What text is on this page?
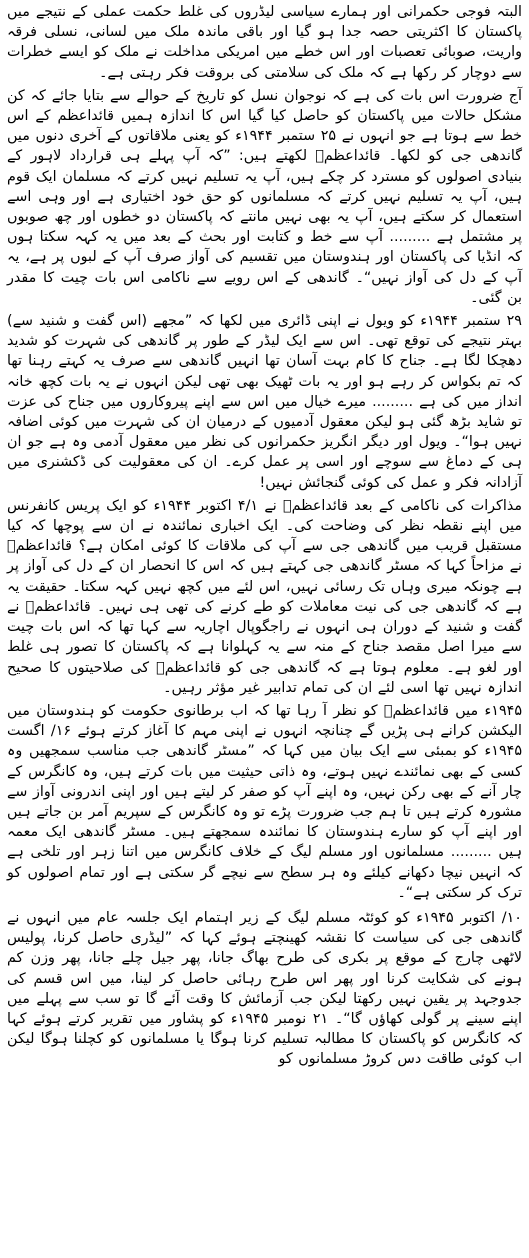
البتہ فوجی حکمرانی اور ہمارے سیاسی لیڈروں کی غلط حکمت عملی کے نتیجے میں پاکستان کا اکثریتی حصہ جدا ہو گیا اور باقی ماندہ ملک میں لسانی، نسلی فرقہ واریت، صوبائی تعصبات اور اس خطے میں امریکی مداخلت نے ملک کو ایسے خطرات سے دوچار کر رکھا ہے کہ ملک کی سلامتی کی بروقت فکر رہتی ہے۔

آج ضرورت اس بات کی ہے کہ نوجوان نسل کو تاریخ کے حوالے سے بتایا جائے کہ کن مشکل حالات میں پاکستان کو حاصل کیا گیا اس کا اندازہ ہمیں قائداعظم کے اس خط سے ہوتا ہے جو انہوں نے ۲۵ ستمبر ۱۹۴۴ء کو یعنی ملاقاتوں کے آخری دنوں میں گاندھی جی کو لکھا۔ قائداعظمؒ لکھتے ہیں: ”کہ آپ پہلے ہی قرارداد لاہور کے بنیادی اصولوں کو مسترد کر چکے ہیں، آپ یہ تسلیم نہیں کرتے کہ مسلمان ایک قوم ہیں، آپ یہ تسلیم نہیں کرتے کہ مسلمانوں کو حق خود اختیاری ہے اور وہی اسے استعمال کر سکتے ہیں، آپ یہ بھی نہیں مانتے کہ پاکستان دو خطوں اور چھ صوبوں پر مشتمل ہے ......... آپ سے خط و کتابت اور بحث کے بعد میں یہ کہہ سکتا ہوں کہ انڈیا کی پاکستان اور ہندوستان میں تقسیم کی آواز صرف آپ کے لبوں پر ہے، یہ آپ کے دل کی آواز نہیں“۔ گاندھی کے اس رویے سے ناکامی اس بات چیت کا مقدر بن گئی۔

۲۹ ستمبر ۱۹۴۴ء کو ویول نے اپنی ڈائری میں لکھا کہ ”مجھے (اس گفت و شنید سے) بہتر نتیجے کی توقع تھی۔ اس سے ایک لیڈر کے طور پر گاندھی کی شہرت کو شدید دھچکا لگا ہے۔ جناح کا کام بہت آسان تھا انہیں گاندھی سے صرف یہ کہتے رہنا تھا کہ تم بکواس کر رہے ہو اور یہ بات ٹھیک بھی تھی لیکن انہوں نے یہ بات کچھ خانہ انداز میں کی ہے ......... میرے خیال میں اس سے اپنے پیروکاروں میں جناح کی عزت تو شاید بڑھ گئی ہو لیکن معقول آدمیوں کے درمیان ان کی شہرت میں کوئی اضافہ نہیں ہوا“۔ ویول اور دیگر انگریز حکمرانوں کی نظر میں معقول آدمی وہ ہے جو ان ہی کے دماغ سے سوچے اور اسی پر عمل کرے۔ ان کی معقولیت کی ڈکشنری میں آزادانہ فکر و عمل کی کوئی گنجائش نہیں!

مذاکرات کی ناکامی کے بعد قائداعظمؒ نے ۴/۱ اکتوبر ۱۹۴۴ء کو ایک پریس کانفرنس میں اپنے نقطہ نظر کی وضاحت کی۔ ایک اخباری نمائندہ نے ان سے پوچھا کہ کیا مستقبل قریب میں گاندھی جی سے آپ کی ملاقات کا کوئی امکان ہے؟ قائداعظمؒ نے مزاحاً کہا کہ مسٹر گاندھی جی کہتے ہیں کہ اس کا انحصار ان کے دل کی آواز پر ہے چونکہ میری وہاں تک رسائی نہیں، اس لئے میں کچھ نہیں کہہ سکتا۔ حقیقت یہ ہے کہ گاندھی جی کی نیت معاملات کو طے کرنے کی تھی ہی نہیں۔ قائداعظمؒ نے گفت و شنید کے دوران ہی انہوں نے راجگوپال اچاریہ سے کہا تھا کہ اس بات چیت سے میرا اصل مقصد جناح کے منہ سے یہ کہلوانا ہے کہ پاکستان کا تصور ہی غلط اور لغو ہے۔ معلوم ہوتا ہے کہ گاندھی جی کو قائداعظمؒ کی صلاحیتوں کا صحیح اندازہ نہیں تھا اسی لئے ان کی تمام تدابیر غیر مؤثر رہیں۔

۱۹۴۵ء میں قائداعظمؒ کو نظر آ رہا تھا کہ اب برطانوی حکومت کو ہندوستان میں الیکشن کرانے ہی پڑیں گے چنانچہ انہوں نے اپنی مہم کا آغاز کرتے ہوئے ۱۶/ اگست ۱۹۴۵ء کو بمبئی سے ایک بیان میں کہا کہ ”مسٹر گاندھی جب مناسب سمجھیں وہ کسی کے بھی نمائندے نہیں ہوتے، وہ ذاتی حیثیت میں بات کرتے ہیں، وہ کانگرس کے چار آنے کے بھی رکن نہیں، وہ اپنے آپ کو صفر کر لیتے ہیں اور اپنی اندرونی آواز سے مشورہ کرتے ہیں تا ہم جب ضرورت پڑے تو وہ کانگرس کے سپریم آمر بن جاتے ہیں اور اپنے آپ کو سارے ہندوستان کا نمائندہ سمجھتے ہیں۔ مسٹر گاندھی ایک معمہ ہیں ......... مسلمانوں اور مسلم لیگ کے خلاف کانگرس میں اتنا زہر اور تلخی ہے کہ انہیں نیچا دکھانے کیلئے وہ ہر سطح سے نیچے گر سکتی ہے اور تمام اصولوں کو ترک کر سکتی ہے“۔

۱۰/ اکتوبر ۱۹۴۵ء کو کوئٹہ مسلم لیگ کے زیر اہتمام ایک جلسہ عام میں انہوں نے گاندھی جی کی سیاست کا نقشہ کھینچتے ہوئے کہا کہ ”لیڈری حاصل کرنا، پولیس لاٹھی چارج کے موقع پر بکری کی طرح بھاگ جانا، پھر جیل چلے جانا، پھر وزن کم ہونے کی شکایت کرنا اور پھر اس طرح رہائی حاصل کر لینا، میں اس قسم کی جدوجہد پر یقین نہیں رکھتا لیکن جب آزمائش کا وقت آئے گا تو سب سے پہلے میں اپنے سینے پر گولی کھاؤں گا“۔ ۲۱ نومبر ۱۹۴۵ء کو پشاور میں تقریر کرتے ہوئے کہا کہ کانگرس کو پاکستان کا مطالبہ تسلیم کرنا ہوگا یا مسلمانوں کو کچلنا ہوگا لیکن اب کوئی طاقت دس کروڑ مسلمانوں کو
